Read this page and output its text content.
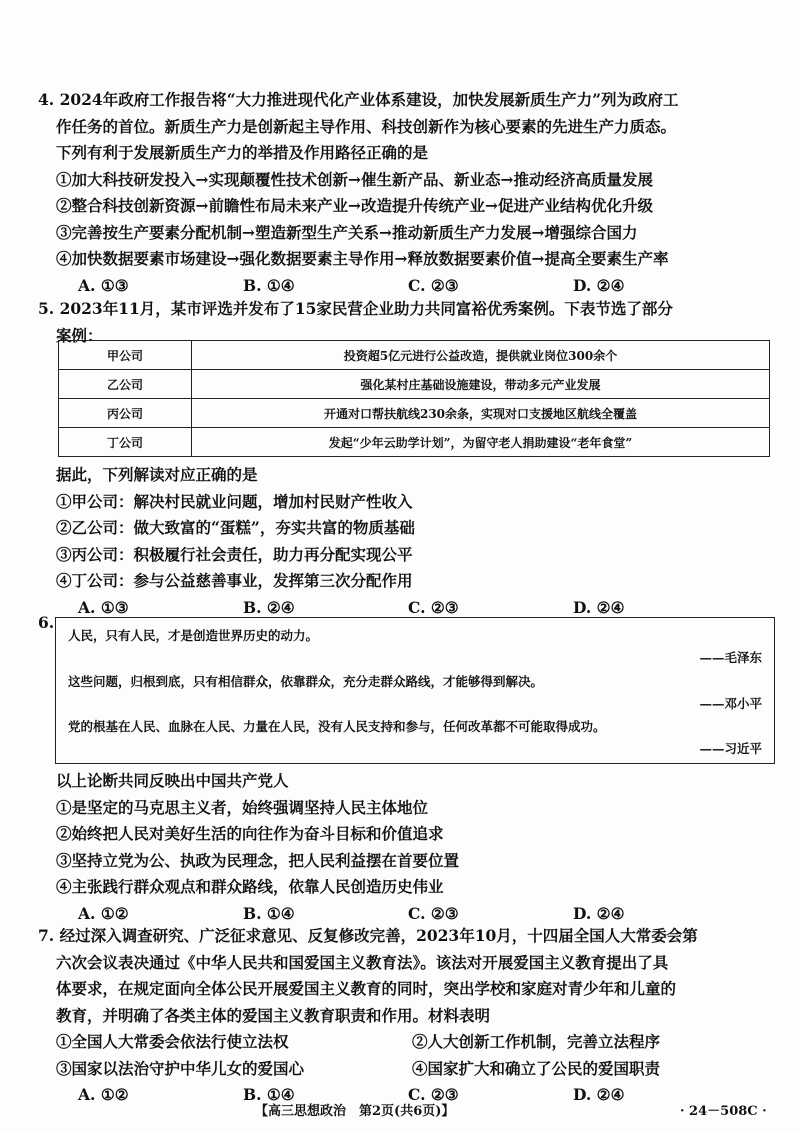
4. 2024年政府工作报告将“大力推进现代化产业体系建设，加快发展新质生产力”列为政府工
作任务的首位。新质生产力是创新起主导作用、科技创新作为核心要素的先进生产力质态。
下列有利于发展新质生产力的举措及作用路径正确的是
①加大科技研发投入→实现颠覆性技术创新→催生新产品、新业态→推动经济高质量发展
②整合科技创新资源→前瞻性布局未来产业→改造提升传统产业→促进产业结构优化升级
③完善按生产要素分配机制→塑造新型生产关系→推动新质生产力发展→增强综合国力
④加快数据要素市场建设→强化数据要素主导作用→释放数据要素价值→提高全要素生产率
A. ①③	B. ①④	C. ②③	D. ②④
5. 2023年11月，某市评选并发布了15家民营企业助力共同富裕优秀案例。下表节选了部分
案例：
甲公司	投资超5亿元进行公益改造，提供就业岗位300余个
乙公司	强化某村庄基础设施建设，带动多元产业发展
丙公司	开通对口帮扶航线230余条，实现对口支援地区航线全覆盖
丁公司	发起“少年云助学计划”，为留守老人捐助建设“老年食堂”
据此，下列解读对应正确的是
①甲公司：解决村民就业问题，增加村民财产性收入
②乙公司：做大致富的“蛋糕”，夯实共富的物质基础
③丙公司：积极履行社会责任，助力再分配实现公平
④丁公司：参与公益慈善事业，发挥第三次分配作用
A. ①③	B. ②④	C. ②③	D. ②④
6.
人民，只有人民，才是创造世界历史的动力。
——毛泽东
这些问题，归根到底，只有相信群众，依靠群众，充分走群众路线，才能够得到解决。
——邓小平
党的根基在人民、血脉在人民、力量在人民，没有人民支持和参与，任何改革都不可能取得成功。
——习近平
以上论断共同反映出中国共产党人
①是坚定的马克思主义者，始终强调坚持人民主体地位
②始终把人民对美好生活的向往作为奋斗目标和价值追求
③坚持立党为公、执政为民理念，把人民利益摆在首要位置
④主张践行群众观点和群众路线，依靠人民创造历史伟业
A. ①②	B. ①④	C. ②③	D. ②④
7. 经过深入调查研究、广泛征求意见、反复修改完善，2023年10月，十四届全国人大常委会第
六次会议表决通过《中华人民共和国爱国主义教育法》。该法对开展爱国主义教育提出了具
体要求，在规定面向全体公民开展爱国主义教育的同时，突出学校和家庭对青少年和儿童的
教育，并明确了各类主体的爱国主义教育职责和作用。材料表明
①全国人大常委会依法行使立法权	②人大创新工作机制，完善立法程序
③国家以法治守护中华儿女的爱国心	④国家扩大和确立了公民的爱国职责
A. ①②	B. ①④	C. ②③	D. ②④
【高三思想政治　第2页(共6页)】	· 24－508C ·
